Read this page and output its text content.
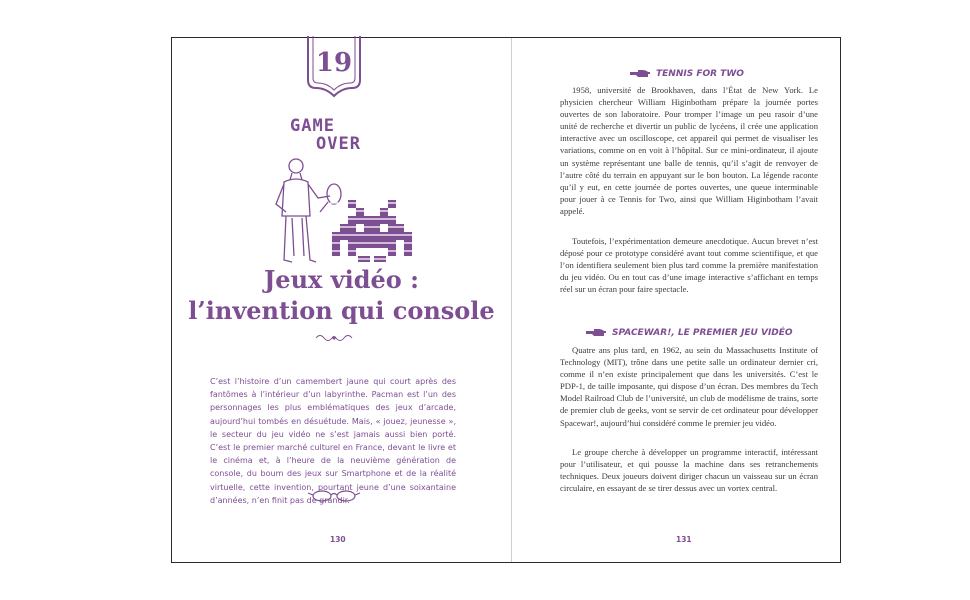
19
GAME
OVER
Jeux vidéo :
l’invention qui console
C’est l’histoire d’un camembert jaune qui court après des fantômes à l’intérieur d’un labyrinthe. Pacman est l’un des personnages les plus emblématiques des jeux d’arcade, aujourd’hui tombés en désuétude. Mais, « jouez, jeunesse », le secteur du jeu vidéo ne s’est jamais aussi bien porté. C’est le premier marché culturel en France, devant le livre et le cinéma et, à l’heure de la neuvième génération de console, du boum des jeux sur Smartphone et de la réalité virtuelle, cette invention, pourtant jeune d’une soixantaine d’années, n’en finit pas de grandir.
130
TENNIS FOR TWO
1958, université de Brookhaven, dans l’État de New York. Le physicien chercheur William Higinbotham prépare la journée portes ouvertes de son laboratoire. Pour tromper l’image un peu rasoir d’une unité de recherche et divertir un public de lycéens, il crée une application interactive avec un oscilloscope, cet appareil qui permet de visualiser les variations, comme on en voit à l’hôpital. Sur ce mini-ordinateur, il ajoute un système représentant une balle de tennis, qu’il s’agit de renvoyer de l’autre côté du terrain en appuyant sur le bon bouton. La légende raconte qu’il y eut, en cette journée de portes ouvertes, une queue interminable pour jouer à ce Tennis for Two, ainsi que William Higinbotham l’avait appelé.
Toutefois, l’expérimentation demeure anecdotique. Aucun brevet n’est déposé pour ce prototype considéré avant tout comme scientifique, et que l’on identifiera seulement bien plus tard comme la première manifestation du jeu vidéo. Ou en tout cas d’une image interactive s’affichant en temps réel sur un écran pour faire spectacle.
SPACEWAR!, LE PREMIER JEU VIDÉO
Quatre ans plus tard, en 1962, au sein du Massachusetts Institute of Technology (MIT), trône dans une petite salle un ordinateur dernier cri, comme il n’en existe principalement que dans les universités. C’est le PDP-1, de taille imposante, qui dispose d’un écran. Des membres du Tech Model Railroad Club de l’université, un club de modélisme de trains, sorte de premier club de geeks, vont se servir de cet ordinateur pour développer Spacewar!, aujourd’hui considéré comme le premier jeu vidéo.
Le groupe cherche à développer un programme interactif, intéressant pour l’utilisateur, et qui pousse la machine dans ses retranchements techniques. Deux joueurs doivent diriger chacun un vaisseau sur un écran circulaire, en essayant de se tirer dessus avec un vortex central.
131
